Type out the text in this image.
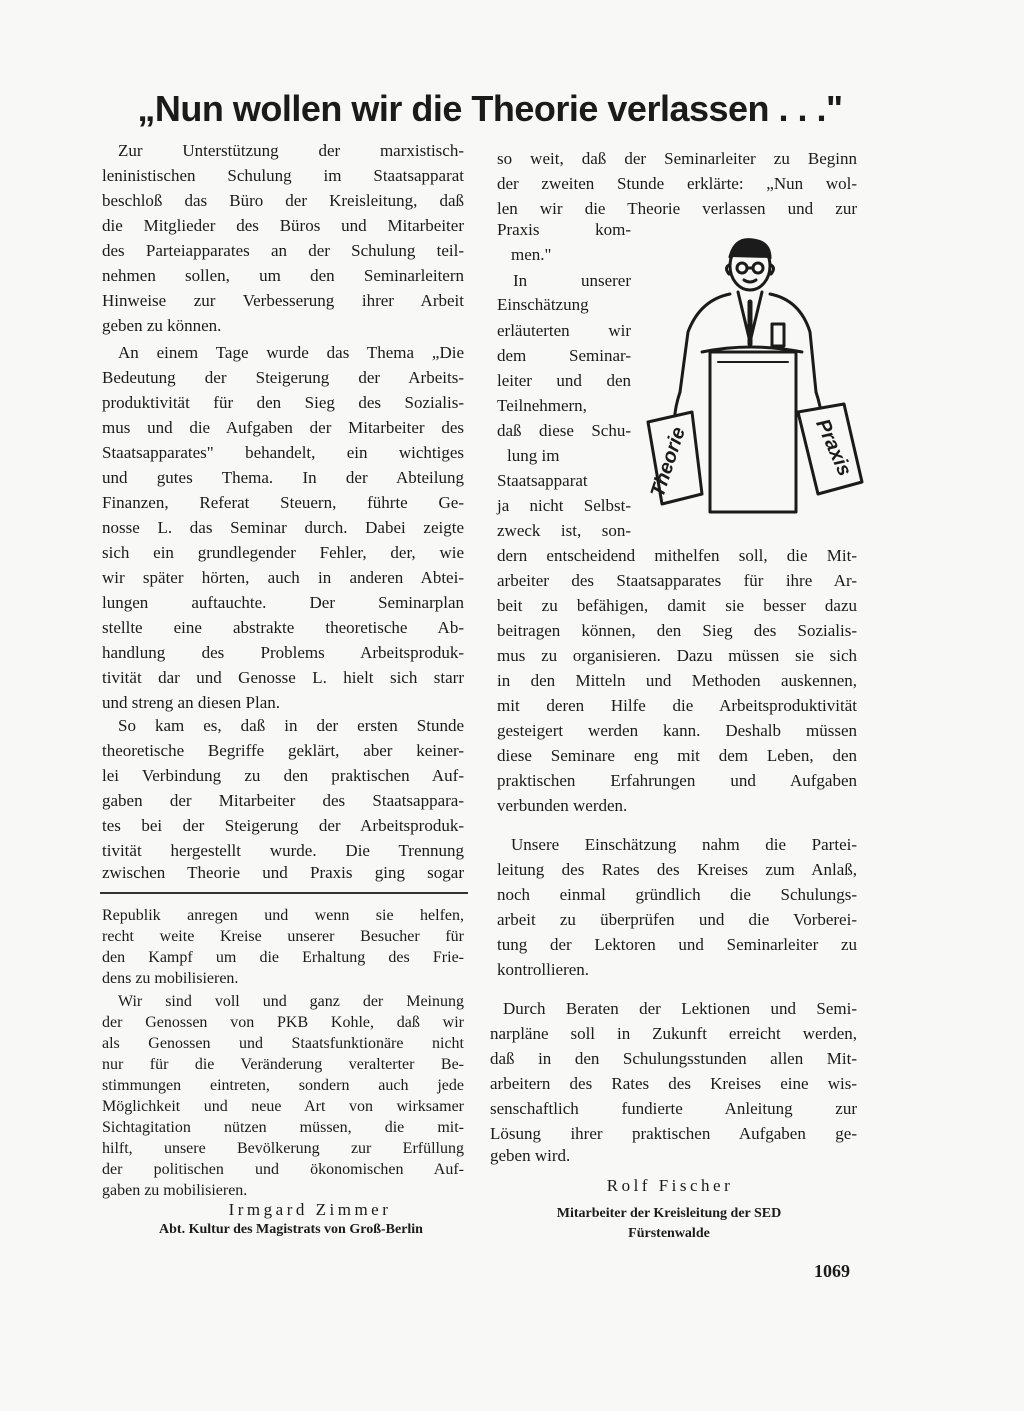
„Nun wollen wir die Theorie verlassen . . ."
Zur Unterstützung der marxistisch-
leninistischen Schulung im Staatsapparat
beschloß das Büro der Kreisleitung, daß
die Mitglieder des Büros und Mitarbeiter
des Parteiapparates an der Schulung teil-
nehmen sollen, um den Seminarleitern
Hinweise zur Verbesserung ihrer Arbeit
geben zu können.
An einem Tage wurde das Thema „Die
Bedeutung der Steigerung der Arbeits-
produktivität für den Sieg des Sozialis-
mus und die Aufgaben der Mitarbeiter des
Staatsapparates" behandelt, ein wichtiges
und gutes Thema. In der Abteilung
Finanzen, Referat Steuern, führte Ge-
nosse L. das Seminar durch. Dabei zeigte
sich ein grundlegender Fehler, der, wie
wir später hörten, auch in anderen Abtei-
lungen auftauchte. Der Seminarplan
stellte eine abstrakte theoretische Ab-
handlung des Problems Arbeitsproduk-
tivität dar und Genosse L. hielt sich starr
und streng an diesen Plan.
So kam es, daß in der ersten Stunde
theoretische Begriffe geklärt, aber keiner-
lei Verbindung zu den praktischen Auf-
gaben der Mitarbeiter des Staatsappara-
tes bei der Steigerung der Arbeitsproduk-
tivität hergestellt wurde. Die Trennung
zwischen Theorie und Praxis ging sogar
Republik anregen und wenn sie helfen,
recht weite Kreise unserer Besucher für
den Kampf um die Erhaltung des Frie-
dens zu mobilisieren.
Wir sind voll und ganz der Meinung
der Genossen von PKB Kohle, daß wir
als Genossen und Staatsfunktionäre nicht
nur für die Veränderung veralterter Be-
stimmungen eintreten, sondern auch jede
Möglichkeit und neue Art von wirksamer
Sichtagitation nützen müssen, die mit-
hilft, unsere Bevölkerung zur Erfüllung
der politischen und ökonomischen Auf-
gaben zu mobilisieren.
Irmgard Zimmer
Abt. Kultur des Magistrats von Groß-Berlin
so weit, daß der Seminarleiter zu Beginn
der zweiten Stunde erklärte: „Nun wol-
len wir die Theorie verlassen und zur
Praxis kom-
men."
In unserer
Einschätzung
erläuterten wir
dem Seminar-
leiter und den
Teilnehmern,
daß diese Schu-
lung im
Staatsapparat
ja nicht Selbst-
zweck ist, son-
dern entscheidend mithelfen soll, die Mit-
arbeiter des Staatsapparates für ihre Ar-
beit zu befähigen, damit sie besser dazu
beitragen können, den Sieg des Sozialis-
mus zu organisieren. Dazu müssen sie sich
in den Mitteln und Methoden auskennen,
mit deren Hilfe die Arbeitsproduktivität
gesteigert werden kann. Deshalb müssen
diese Seminare eng mit dem Leben, den
praktischen Erfahrungen und Aufgaben
verbunden werden.
Unsere Einschätzung nahm die Partei-
leitung des Rates des Kreises zum Anlaß,
noch einmal gründlich die Schulungs-
arbeit zu überprüfen und die Vorberei-
tung der Lektoren und Seminarleiter zu
kontrollieren.
Durch Beraten der Lektionen und Semi-
narpläne soll in Zukunft erreicht werden,
daß in den Schulungsstunden allen Mit-
arbeitern des Rates des Kreises eine wis-
senschaftlich fundierte Anleitung zur
Lösung ihrer praktischen Aufgaben ge-
geben wird.
Rolf Fischer
Mitarbeiter der Kreisleitung der SED
Fürstenwalde
1069
Theorie	Praxis
